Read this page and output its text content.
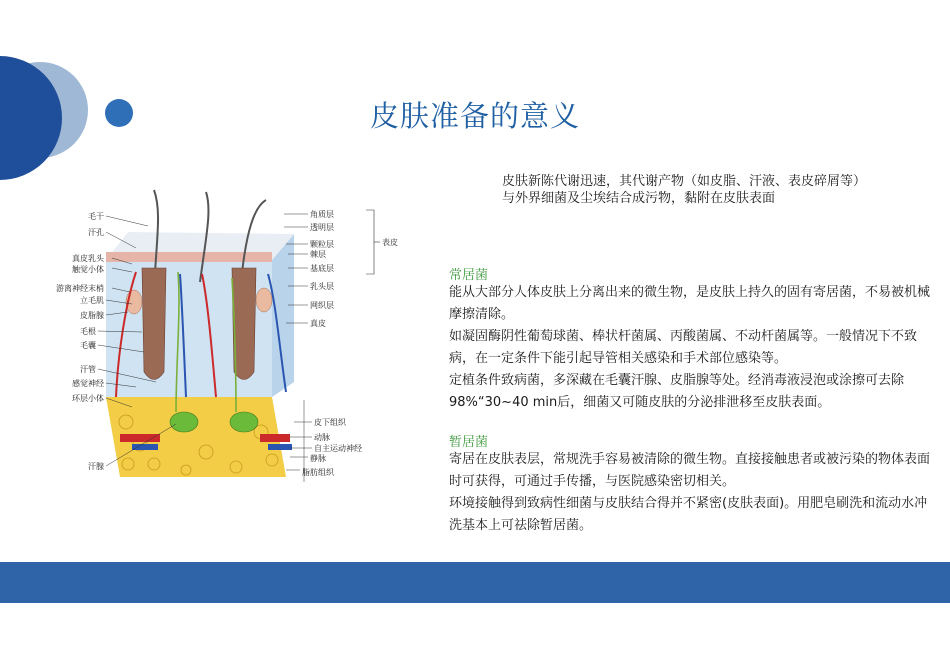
皮肤准备的意义
皮肤新陈代谢迅速，其代谢产物（如皮脂、汗液、表皮碎屑等）
与外界细菌及尘埃结合成污物，黏附在皮肤表面
常居菌
能从大部分人体皮肤上分离出来的微生物，是皮肤上持久的固有寄居菌，不易被机械摩擦清除。
如凝固酶阴性葡萄球菌、棒状杆菌属、丙酸菌属、不动杆菌属等。一般情况下不致病，在一定条件下能引起导管相关感染和手术部位感染等。
定植条件致病菌，多深藏在毛囊汗腺、皮脂腺等处。经消毒液浸泡或涂擦可去除98%“30~40 min后，细菌又可随皮肤的分泌排泄移至皮肤表面。
暂居菌
寄居在皮肤表层，常规洗手容易被清除的微生物。直接接触患者或被污染的物体表面时可获得，可通过手传播，与医院感染密切相关。
环境接触得到致病性细菌与皮肤结合得并不紧密(皮肤表面)。用肥皂刷洗和流动水冲洗基本上可祛除暂居菌。
表皮
毛干
汗孔
真皮乳头
触觉小体
游离神经末梢
立毛肌
皮脂腺
毛根
毛囊
汗管
感觉神经
环层小体
汗腺
角质层
透明层
颗粒层
棘层
基底层
乳头层
网织层
真皮
皮下组织
动脉
自主运动神经
静脉
脂肪组织
